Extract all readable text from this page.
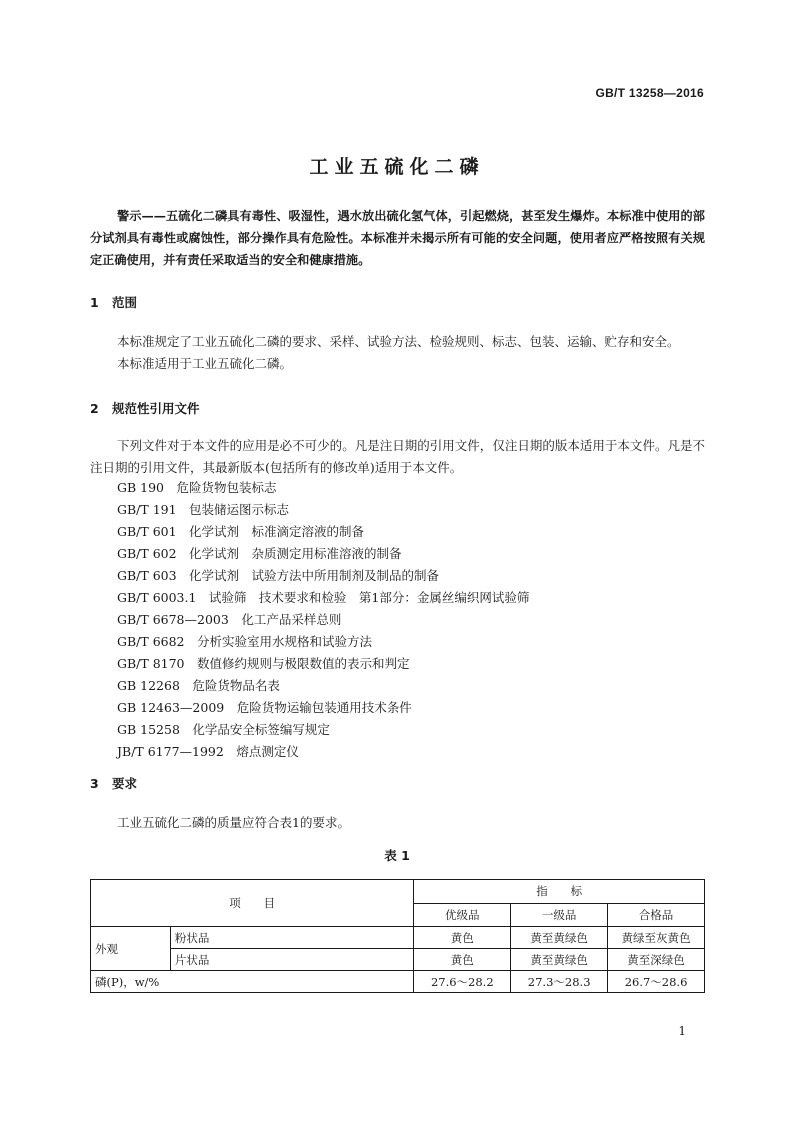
GB/T 13258—2016
工业五硫化二磷
警示——五硫化二磷具有毒性、吸湿性，遇水放出硫化氢气体，引起燃烧，甚至发生爆炸。本标准中使用的部分试剂具有毒性或腐蚀性，部分操作具有危险性。本标准并未揭示所有可能的安全问题，使用者应严格按照有关规定正确使用，并有责任采取适当的安全和健康措施。
1 范围
本标准规定了工业五硫化二磷的要求、采样、试验方法、检验规则、标志、包装、运输、贮存和安全。
本标准适用于工业五硫化二磷。
2 规范性引用文件
下列文件对于本文件的应用是必不可少的。凡是注日期的引用文件，仅注日期的版本适用于本文件。凡是不注日期的引用文件，其最新版本(包括所有的修改单)适用于本文件。
GB 190　危险货物包装标志
GB/T 191　包装储运图示标志
GB/T 601　化学试剂　标准滴定溶液的制备
GB/T 602　化学试剂　杂质测定用标准溶液的制备
GB/T 603　化学试剂　试验方法中所用制剂及制品的制备
GB/T 6003.1　试验筛　技术要求和检验　第1部分：金属丝编织网试验筛
GB/T 6678—2003　化工产品采样总则
GB/T 6682　分析实验室用水规格和试验方法
GB/T 8170　数值修约规则与极限数值的表示和判定
GB 12268　危险货物品名表
GB 12463—2009　危险货物运输包装通用技术条件
GB 15258　化学品安全标签编写规定
JB/T 6177—1992　熔点测定仪
3 要求
工业五硫化二磷的质量应符合表1的要求。
表 1
项　　目		指　　标		
		优级品	一级品	合格品
外观	粉状品	黄色	黄至黄绿色	黄绿至灰黄色
	片状品	黄色	黄至黄绿色	黄至深绿色
磷(P)，w/%		27.6～28.2	27.3～28.3	26.7～28.6
1
